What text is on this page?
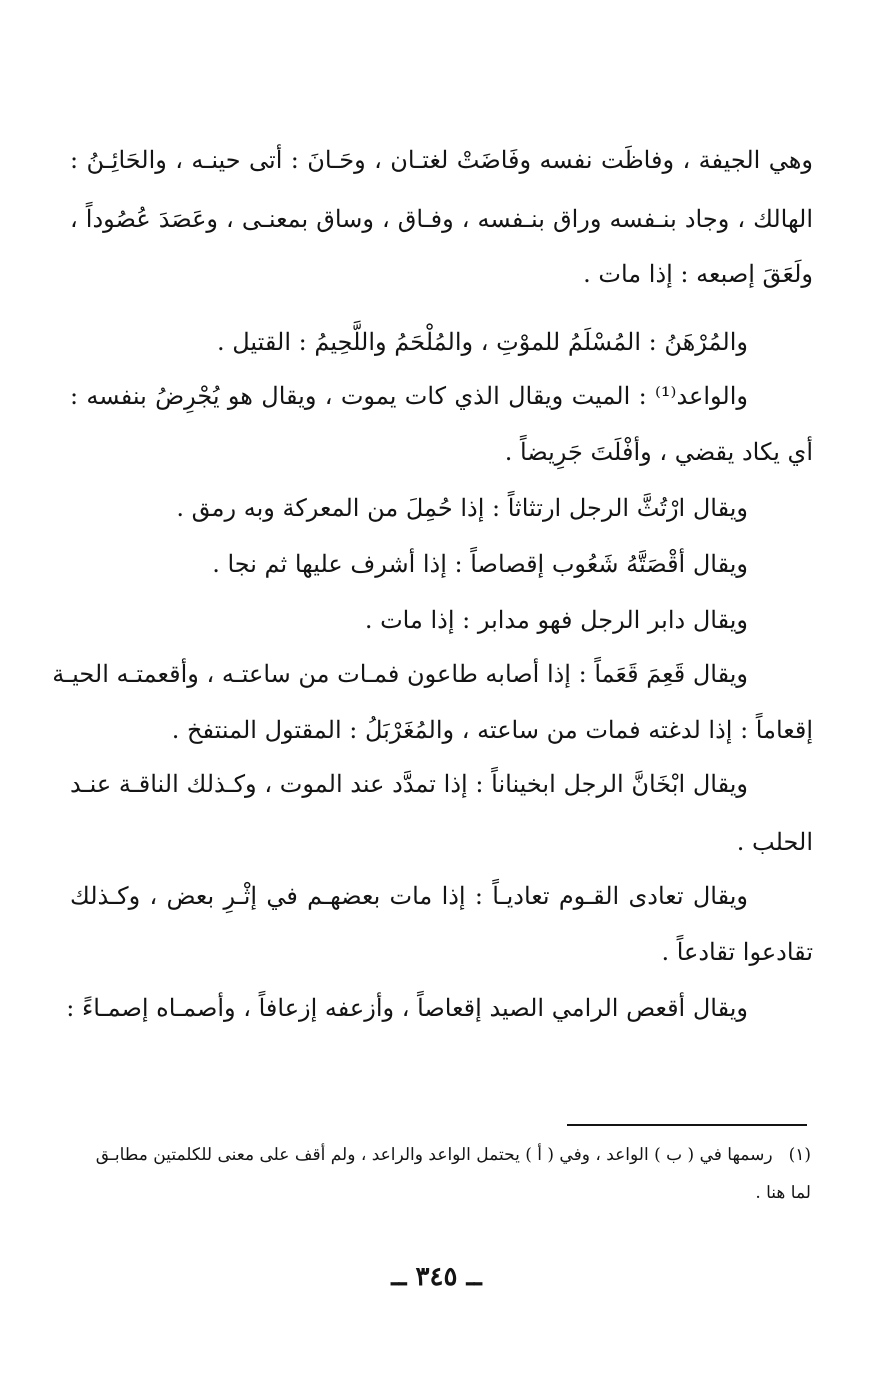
وهي الجيفة ، وفاظَت نفسه وفَاضَتْ لغتـان ، وحَـانَ : أتى حينـه ، والحَائِـنُ :
الهالك ، وجاد بنـفسه وراق بنـفسه ، وفـاق ، وساق بمعنـى ، وعَصَدَ عُصُوداً ،
ولَعَقَ إصبعه : إذا مات .
والمُرْهَنُ : المُسْلَمُ للموْتِ ، والمُلْحَمُ واللَّحِيمُ : القتيل .
والواعد⁽¹⁾ : الميت ويقال الذي كات يموت ، ويقال هو يُجْرِضُ بنفسه :
أي يكاد يقضي ، وأفْلَتَ جَرِيضاً .
ويقال ارْتُثَّ الرجل ارتثاثاً : إذا حُمِلَ من المعركة وبه رمق .
ويقال أقْصَتَّهُ شَعُوب إقصاصاً : إذا أشرف عليها ثم نجا .
ويقال دابر الرجل فهو مدابر : إذا مات .
ويقال قَعِمَ قَعَماً : إذا أصابه طاعون فمـات من ساعتـه ، وأقعمتـه الحيـة
إقعاماً : إذا لدغته فمات من ساعته ، والمُغَرْبَلُ : المقتول المنتفخ .
ويقال ابْخَانَّ الرجل ابخيناناً : إذا تمدَّد عند الموت ، وكـذلك الناقـة عنـد
الحلب .
ويقال تعادى القـوم تعاديـاً : إذا مات بعضهـم في إثْـرِ بعض ، وكـذلك
تقادعوا تقادعاً .
ويقال أقعص الرامي الصيد إقعاصاً ، وأزعفه إزعافاً ، وأصمـاه إصمـاءً :
(١)رسمها في ( ب ) الواعد ، وفي ( أ ) يحتمل الواعد والراعد ، ولم أقف على معنى للكلمتين مطابـق
لما هنا .
ــ ٣٤٥ ــ
